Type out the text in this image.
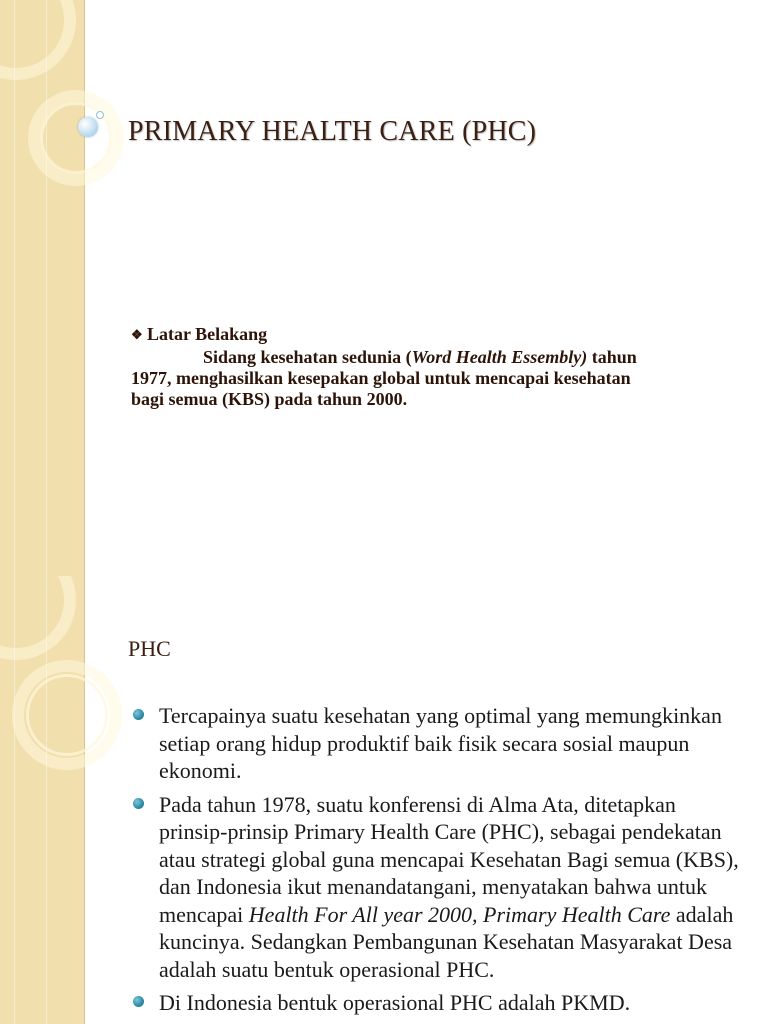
PRIMARY HEALTH CARE (PHC)
❖ Latar Belakang

Sidang kesehatan sedunia (Word Health Essembly) tahun 1977, menghasilkan kesepakan global untuk mencapai kesehatan bagi semua (KBS) pada tahun 2000.

PHC
Tercapainya suatu kesehatan yang optimal yang memungkinkan setiap orang hidup produktif baik fisik secara sosial maupun ekonomi.
Pada tahun 1978, suatu konferensi di Alma Ata, ditetapkan prinsip-prinsip Primary Health Care (PHC), sebagai pendekatan atau strategi global guna mencapai Kesehatan Bagi semua (KBS), dan Indonesia ikut menandatangani, menyatakan bahwa untuk mencapai Health For All year 2000, Primary Health Care adalah kuncinya. Sedangkan Pembangunan Kesehatan Masyarakat Desa adalah suatu bentuk operasional PHC.
Di Indonesia bentuk operasional PHC adalah PKMD.
